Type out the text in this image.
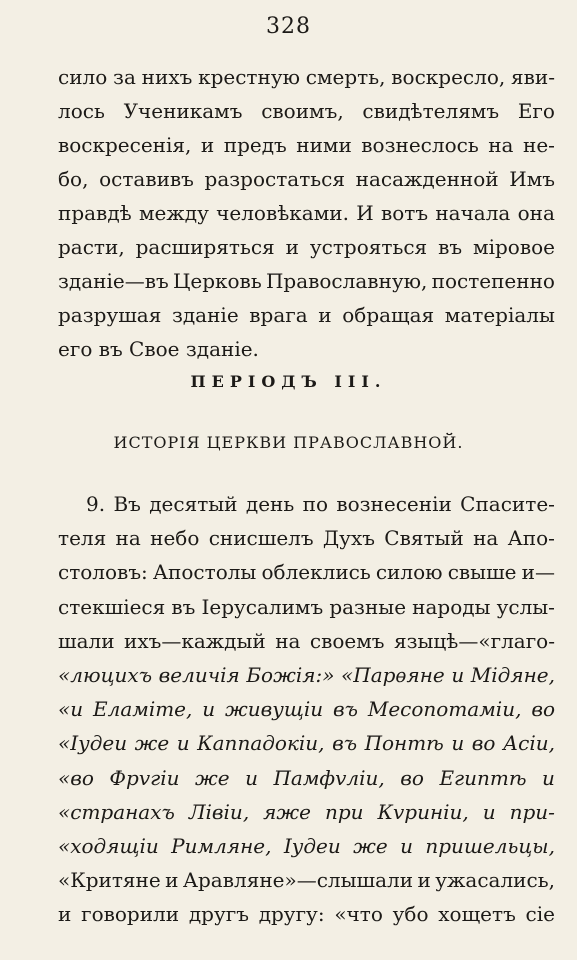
328
сило за нихъ крестную смерть, воскресло, яви-
лось Ученикамъ своимъ, свидѣтелямъ Его
воскресенія, и предъ ними вознеслось на не-
бо, оставивъ разростаться насажденной Имъ
правдѣ между человѣками. И вотъ начала она
расти, расширяться и устрояться въ міровое
зданіе—въ Церковь Православную, постепенно
разрушая зданіе врага и обращая матеріалы
его въ Свое зданіе.
ПЕРІОДЪ III.
ИСТОРІЯ ЦЕРКВИ ПРАВОСЛАВНОЙ.
9. Въ десятый день по вознесеніи Спасите-
теля на небо снисшелъ Духъ Святый на Апо-
столовъ: Апостолы облеклись силою свыше и—
стекшіеся въ Іерусалимъ разные народы услы-
шали ихъ—каждый на своемъ языцѣ—«глаго-
«люцихъ величія Божія:» «Парѳяне и Мідяне,
«и Еламіте, и живущіи въ Месопотаміи, во
«Іудеи же и Каппадокіи, въ Понтѣ и во Асіи,
«во Фрvгіи же и Памфvліи, во Египтѣ и
«странахъ Лiвiи, яже при Кvриніи, и при-
«ходящіи Римляне, Іудеи же и пришельцы,
«Критяне и Аравляне»—слышали и ужасались,
и говорили другъ другу: «что убо хощетъ сiе
